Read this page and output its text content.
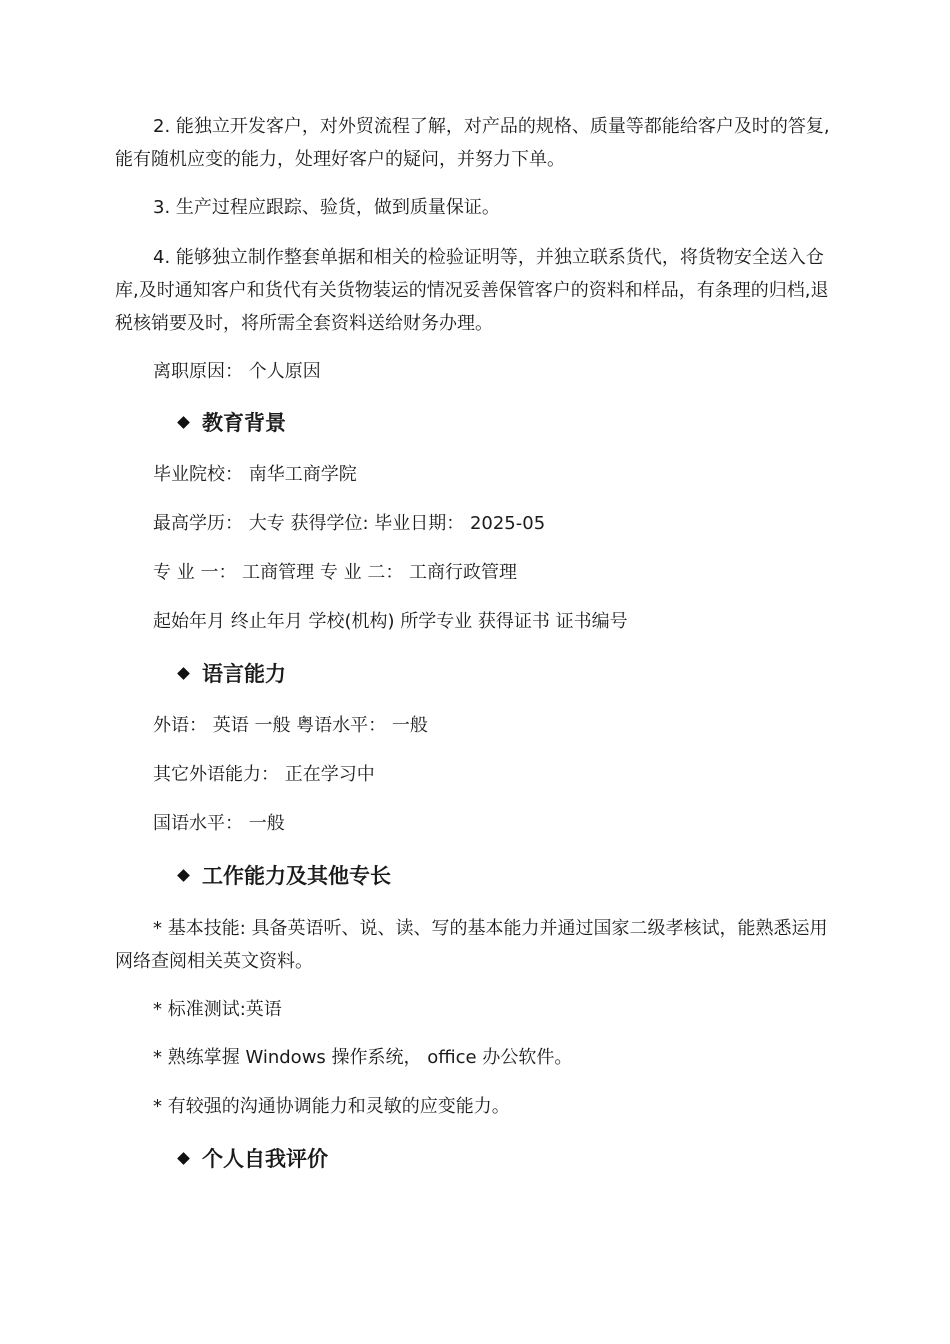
2. 能独立开发客户，对外贸流程了解，对产品的规格、质量等都能给客户及时的答复,能有随机应变的能力，处理好客户的疑问，并努力下单。
3. 生产过程应跟踪、验货，做到质量保证。
4. 能够独立制作整套单据和相关的检验证明等，并独立联系货代，将货物安全送入仓库,及时通知客户和货代有关货物装运的情况妥善保管客户的资料和样品，有条理的归档,退税核销要及时，将所需全套资料送给财务办理。
离职原因： 个人原因
教育背景
毕业院校： 南华工商学院
最高学历： 大专 获得学位: 毕业日期： 2025-05
专 业 一： 工商管理 专 业 二： 工商行政管理
起始年月 终止年月 学校(机构) 所学专业 获得证书 证书编号
语言能力
外语： 英语 一般 粤语水平： 一般
其它外语能力： 正在学习中
国语水平： 一般
工作能力及其他专长
* 基本技能: 具备英语听、说、读、写的基本能力并通过国家二级孝核试，能熟悉运用网络查阅相关英文资料。
* 标准测试:英语
* 熟练掌握 Windows 操作系统， office 办公软件。
* 有较强的沟通协调能力和灵敏的应变能力。
个人自我评价
